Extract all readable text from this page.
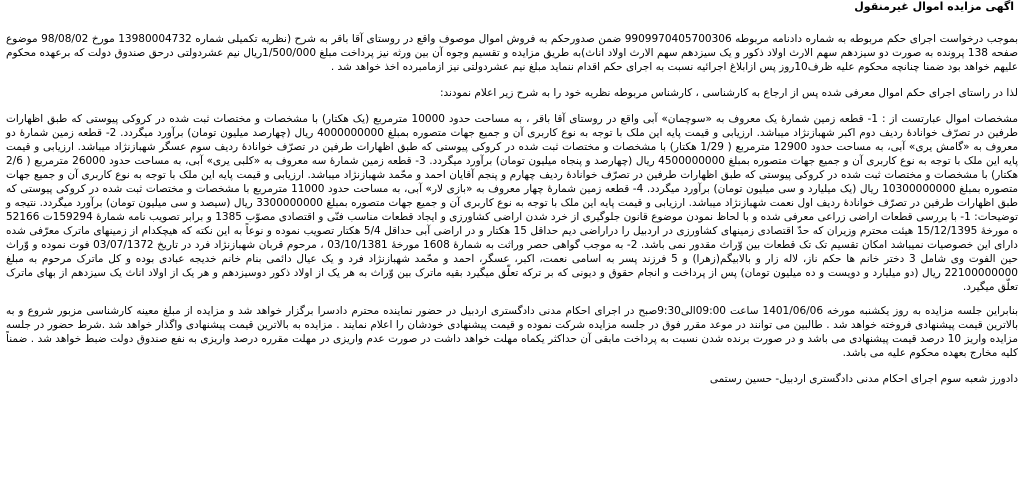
اگهی مزایده اموال غیرمنقول

بموجب درخواست اجرای حکم مربوطه به شماره دادنامه مربوطه 9909970405700306 ضمن صدورحکم به فروش اموال موصوف واقع در روستای آقا باقر به شرح (نظریه تکمیلی شماره 13980004732 مورخ 98/08/02 موضوع صفحه 138 پرونده به صورت دو سیزدهم سهم الارث اولاد ذکور و یک سیزدهم سهم الارث اولاد اناث)به طریق مزایده و تقسیم وجوه آن بین ورثه نیز پرداخت مبلغ 1/500/000ریال نیم عشردولتی درحق صندوق دولت که برعهده محکوم علیهم خواهد بود ضمنا چنانچه محکوم علیه ظرف10روز پس ازابلاغ اجرائیه نسبت به اجرای حکم اقدام ننماید مبلغ نیم عشردولتی نیز ازمامبرده اخذ خواهد شد .

لذا در راستای اجرای حکم اموال معرفی شده پس از ارجاع به کارشناسی ، کارشناس مربوطه نظریه خود را به شرح زیر اعلام نمودند:

مشخصات اموال عبارتست از : 1- قطعه زمین شمارۀ یک معروف به «سوچمان» آبی واقع در روستای آقا باقر ، به مساحت حدود 10000 مترمربع (یک هکتار) با مشخصات و مختصات ثبت شده در کروکی پیوستی که طبق اظهارات طرفین در تصرّف خوانادۀ ردیف دوم اکبر شهبازنژاد میباشد. ارزیابی و قیمت پایه این ملک با توجه به نوع کاربری آن و جمیع جهات متصوره بمبلغ 4000000000 ریال (چهارصد میلیون تومان) برآورد میگردد. 2- قطعه زمین شمارۀ دو معروف به «گامش یری» آبی، به مساحت حدود 12900 مترمربع ( 1/29 هکتار) با مشخصات و مختصات ثبت شده در کروکی پیوستی که طبق اظهارات طرفین در تصرّف خوانادۀ ردیف سوم عسگر شهبازنژاد میباشد. ارزیابی و قیمت پایه این ملک با توجه به نوع کاربری آن و جمیع جهات متصوره بمبلغ 4500000000 ریال (چهارصد و پنجاه میلیون تومان) برآورد میگردد. 3- قطعه زمین شمارۀ سه معروف به «کلبی یری» آبی، به مساحت حدود 26000 مترمربع ( 2/6 هکتار) با مشخصات و مختصات ثبت شده در کروکی پیوستی که طبق اظهارات طرفین در تصرّف خوانادۀ ردیف چهارم و پنجم آقایان احمد و محّمد شهبازنژاد میباشد. ارزیابی و قیمت پایه این ملک با توجه به نوع کاربری آن و جمیع جهات متصوره بمبلغ 10300000000 ریال (یک میلیارد و سی میلیون تومان) برآورد میگردد. 4- قطعه زمین شمارۀ چهار معروف به «بازی لار» آبی، به مساحت حدود 11000 مترمربع با مشخصات و مختصات ثبت شده در کروکی پیوستی که طبق اظهارات طرفین در تصرّف خوانادۀ ردیف اول نعمت شهبازنژاد میباشد. ارزیابی و قیمت پایه این ملک با توجه به نوع کاربری آن و جمیع جهات متصوره بمبلغ 3300000000 ریال (سیصد و سی میلیون تومان) برآورد میگردد. نتیجه و توضیحات: 1- با بررسی قطعات اراضی زراعی معرفی شده و با لحاظ نمودن موضوع قانون جلوگیری از خرد شدن اراضی کشاورزی و ایجاد قطعات مناسب فنّی و اقتصادی مصوّب 1385 و برابر تصویب نامه شمارۀ 159294ت 52166 ه مورخۀ 15/12/1395 هیئت محترم وزیران که حدّ اقتصادی زمینهای کشاورزی در اردبیل را دراراضی دیم حداقل 15 هکتار و در اراضی آبی حداقل 5/4 هکتار تصویب نموده و نوعاً به این نکته که هیچکدام از زمینهای ماترک معرّفی شده دارای این خصوصیات نمیباشد امکان تقسیم تک تک قطعات بین وّراث مقدور نمی باشد. 2- به موجب گواهی حصر وراثت به شمارۀ 1608 مورخۀ 03/10/1381 ، مرحوم قربان شهبازنژاد فرد در تاریخ 03/07/1372 فوت نموده و وّراث حین الفوت وی شامل 3 دختر خانم ها حکم ناز، لاله زار و بالابیگم(زهرا) و 5 فرزند پسر به اسامی نعمت، اکبر، عسگر، احمد و محّمد شهبازنژاد فرد و یک عیال دائمی بنام خانم خدیجه عبادی بوده و کل ماترک مرحوم به مبلغ 22100000000 ریال (دو میلیارد و دویست و ده میلیون تومان) پس از پرداخت و انجام حقوق و دیونی که بر ترکه تعلّق میگیرد بقیه ماترک بین وّراث به هر یک از اولاد ذکور دوسیزدهم و هر یک از اولاد اناث یک سیزدهم از بهای ماترک تعلّق میگیرد.

بنابراین جلسه مزایده به روز یکشنبه مورخه 1401/06/06 ساعت 09:00الی9:30صبح در اجرای احکام مدنی دادگستری اردبیل در حضور نماینده محترم دادسرا برگزار خواهد شد و مزایده از مبلغ معینه کارشناسی مزبور شروع و به بالاترین قیمت پیشنهادی فروخته خواهد شد . طالبین می توانند در موعد مقرر فوق در جلسه مزایده شرکت نموده و قیمت پیشنهادی خودشان را اعلام نمایند . مزایده به بالاترین قیمت پیشنهادی واگذار خواهد شد .شرط حضور در جلسه مزایده واریز 10 درصد قیمت پیشنهادی می باشد و در صورت برنده شدن نسبت به پرداخت مابقی آن حداکثر یکماه مهلت خواهد داشت در صورت عدم واریزی در مهلت مقرره درصد واریزی به نفع صندوق دولت ضبط خواهد شد . ضمناً کلیه مخارج بعهده محکوم علیه می باشد.

دادورز شعبه سوم اجرای احکام مدنی دادگستری اردبیل- حسین رستمی
